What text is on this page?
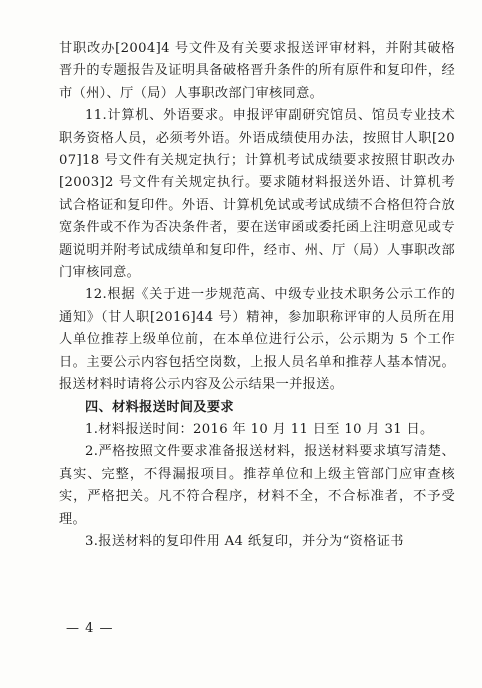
甘职改办[2004]4 号文件及有关要求报送评审材料，并附其破格晋升的专题报告及证明具备破格晋升条件的所有原件和复印件，经市（州）、厅（局）人事职改部门审核同意。

11.计算机、外语要求。申报评审副研究馆员、馆员专业技术职务资格人员，必须考外语。外语成绩使用办法，按照甘人职[2007]18 号文件有关规定执行；计算机考试成绩要求按照甘职改办[2003]2 号文件有关规定执行。要求随材料报送外语、计算机考试合格证和复印件。外语、计算机免试或考试成绩不合格但符合放宽条件或不作为否决条件者，要在送审函或委托函上注明意见或专题说明并附考试成绩单和复印件，经市、州、厅（局）人事职改部门审核同意。

12.根据《关于进一步规范高、中级专业技术职务公示工作的通知》（甘人职[2016]44 号）精神，参加职称评审的人员所在用人单位推荐上级单位前，在本单位进行公示，公示期为 5 个工作日。主要公示内容包括空岗数，上报人员名单和推荐人基本情况。报送材料时请将公示内容及公示结果一并报送。

四、材料报送时间及要求

1.材料报送时间：2016 年 10 月 11 日至 10 月 31 日。

2.严格按照文件要求准备报送材料，报送材料要求填写清楚、真实、完整，不得漏报项目。推荐单位和上级主管部门应审查核实，严格把关。凡不符合程序，材料不全，不合标准者，不予受理。

3.报送材料的复印件用 A4 纸复印，并分为“资格证书

— 4 —
